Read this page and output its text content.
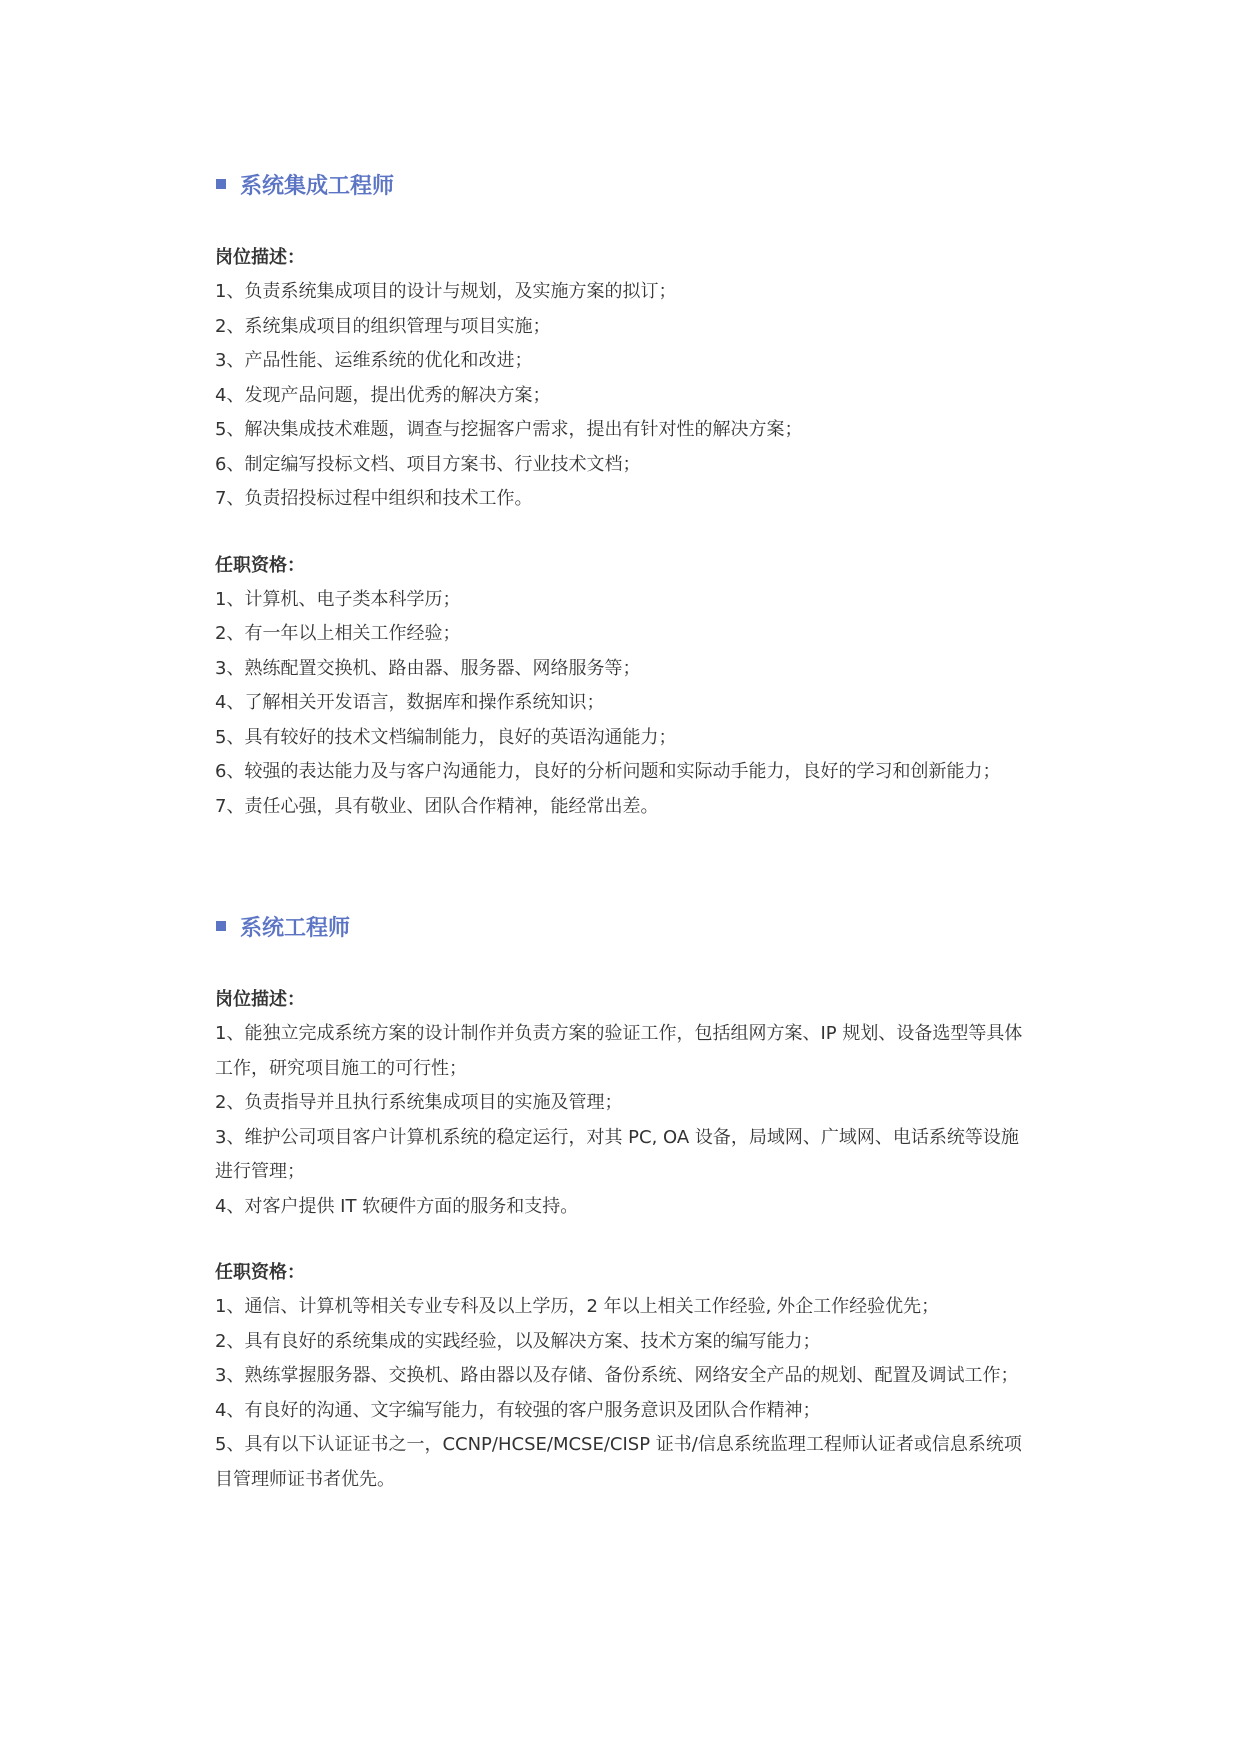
系统集成工程师
岗位描述：
1、负责系统集成项目的设计与规划，及实施方案的拟订；
2、系统集成项目的组织管理与项目实施；
3、产品性能、运维系统的优化和改进；
4、发现产品问题，提出优秀的解决方案；
5、解决集成技术难题，调查与挖掘客户需求，提出有针对性的解决方案；
6、制定编写投标文档、项目方案书、行业技术文档；
7、负责招投标过程中组织和技术工作。
任职资格：
1、计算机、电子类本科学历；
2、有一年以上相关工作经验；
3、熟练配置交换机、路由器、服务器、网络服务等；
4、了解相关开发语言，数据库和操作系统知识；
5、具有较好的技术文档编制能力，良好的英语沟通能力；
6、较强的表达能力及与客户沟通能力，良好的分析问题和实际动手能力，良好的学习和创新能力；
7、责任心强，具有敬业、团队合作精神，能经常出差。
系统工程师
岗位描述：
1、能独立完成系统方案的设计制作并负责方案的验证工作，包括组网方案、IP 规划、设备选型等具体工作，研究项目施工的可行性；
2、负责指导并且执行系统集成项目的实施及管理；
3、维护公司项目客户计算机系统的稳定运行，对其 PC, OA 设备，局域网、广域网、电话系统等设施进行管理；
4、对客户提供 IT 软硬件方面的服务和支持。
任职资格：
1、通信、计算机等相关专业专科及以上学历，2 年以上相关工作经验, 外企工作经验优先；
2、具有良好的系统集成的实践经验，以及解决方案、技术方案的编写能力；
3、熟练掌握服务器、交换机、路由器以及存储、备份系统、网络安全产品的规划、配置及调试工作；
4、有良好的沟通、文字编写能力，有较强的客户服务意识及团队合作精神；
5、具有以下认证证书之一，CCNP/HCSE/MCSE/CISP 证书/信息系统监理工程师认证者或信息系统项目管理师证书者优先。
